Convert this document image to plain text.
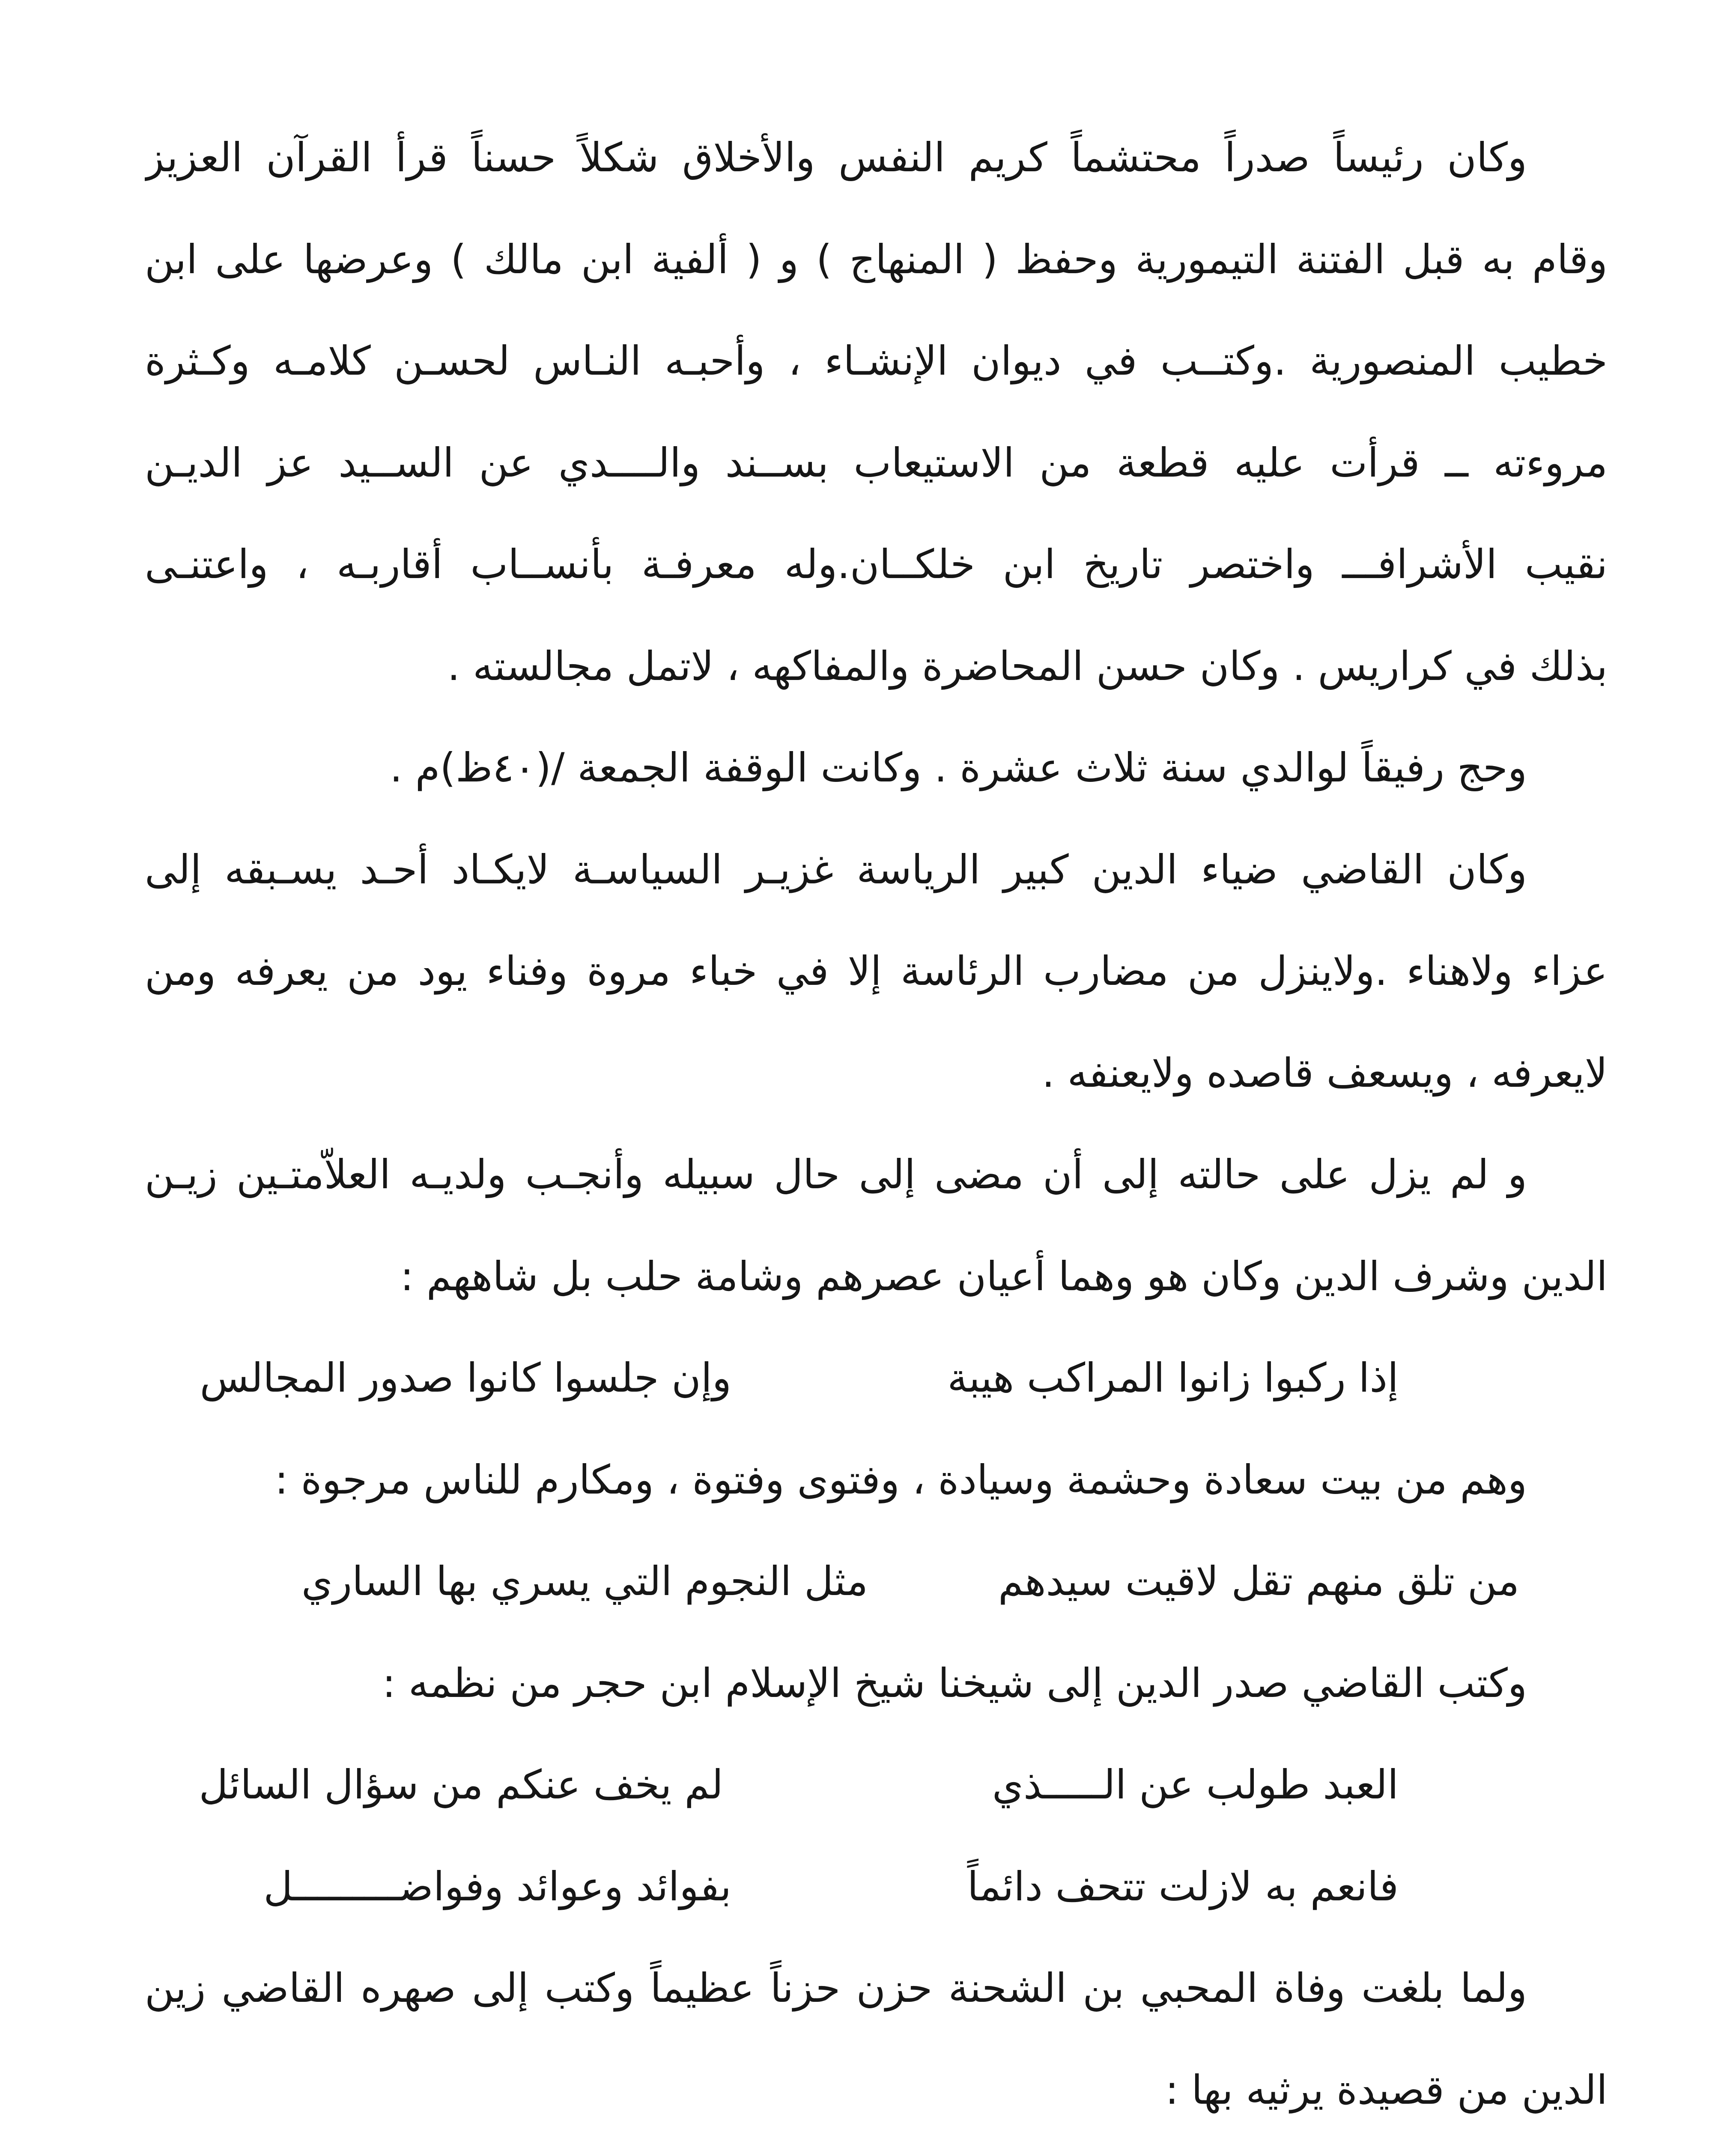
وكان رئيساً صدراً محتشماً كريم النفس والأخلاق شكلاً حسناً قرأ القرآن العزيز
وقام به قبل الفتنة التيمورية وحفظ ( المنهاج ) و ( ألفية ابن مالك ) وعرضها على ابن
خطيب المنصورية .وكتــب في ديوان الإنشـاء ، وأحبـه النـاس لحسـن كلامـه وكـثرة
مروءته ــ قرأت عليه قطعة من الاستيعاب بســند والــــدي عن الســيد عز الديـن
نقيب الأشرافـــ واختصر تاريخ ابن خلكــان.وله معرفـة بأنســاب أقاربـه ، واعتنـى
بذلك في كراريس . وكان حسن المحاضرة والمفاكهه ، لاتمل مجالسته .
وحج رفيقاً لوالدي سنة ثلاث عشرة . وكانت الوقفة الجمعة /(٤٠ظ)م .
وكان القاضي ضياء الدين كبير الرياسة غزيـر السياسـة لايكـاد أحـد يسـبقه إلى
عزاء ولاهناء .ولاينزل من مضارب الرئاسة إلا في خباء مروة وفناء يود من يعرفه ومن
لايعرفه ، ويسعف قاصده ولايعنفه .
و لم يزل على حالته إلى أن مضى إلى حال سبيله وأنجـب ولديـه العلاّمتـين زيـن
الدين وشرف الدين وكان هو وهما أعيان عصرهم وشامة حلب بل شاههم :
إذا ركبوا زانوا المراكب هيبة
وإن جلسوا كانوا صدور المجالس
وهم من بيت سعادة وحشمة وسيادة ، وفتوى وفتوة ، ومكارم للناس مرجوة :
من تلق منهم تقل لاقيت سيدهم
مثل النجوم التي يسري بها الساري
وكتب القاضي صدر الدين إلى شيخنا شيخ الإسلام ابن حجر من نظمه :
العبد طولب عن الـــــذي
لم يخف عنكم من سؤال السائل
فانعم به لازلت تتحف دائماً
بفوائد وعوائد وفواضـــــــــل
ولما بلغت وفاة المحبي بن الشحنة حزن حزناً عظيماً وكتب إلى صهره القاضي زين
الدين من قصيدة يرثيه بها :
